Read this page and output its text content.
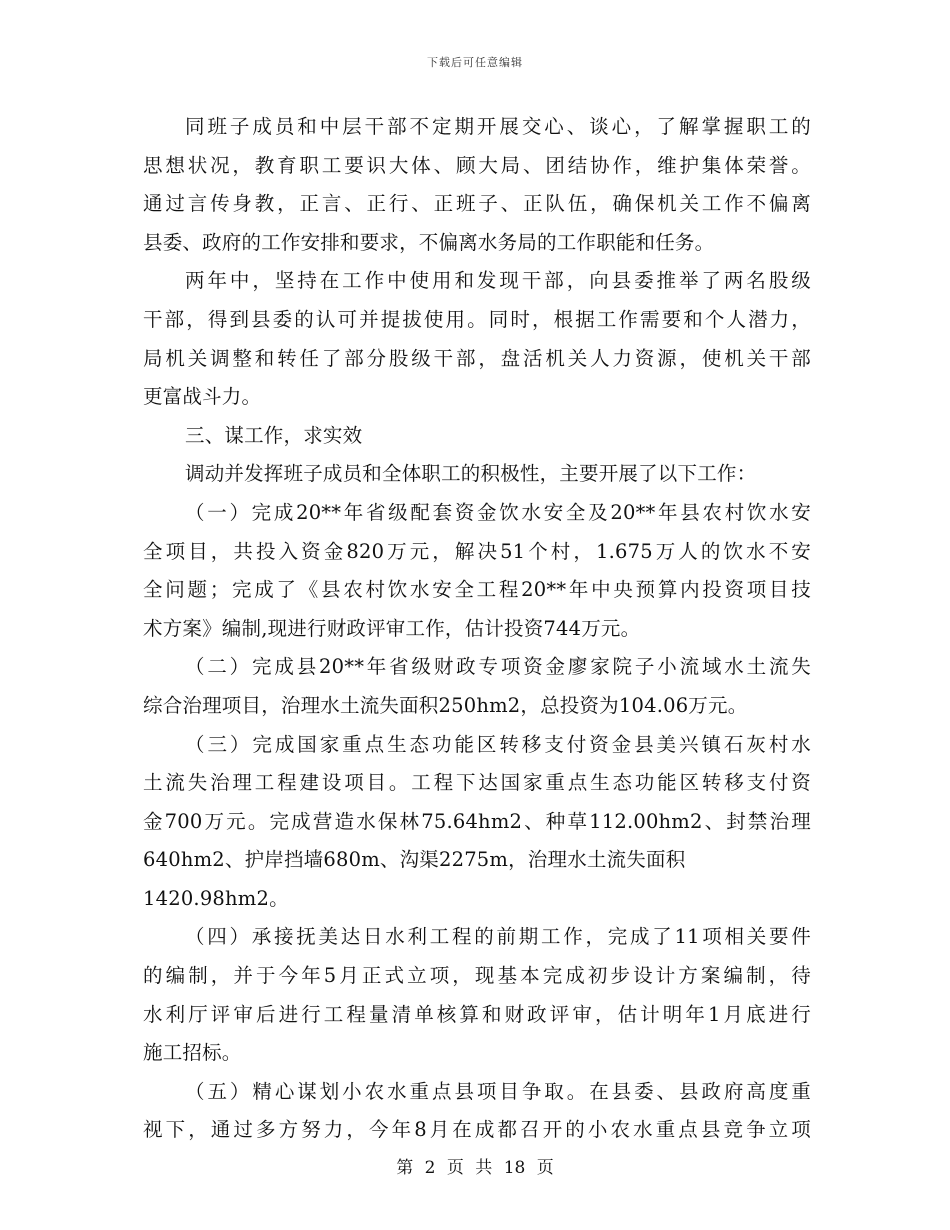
下载后可任意编辑
同班子成员和中层干部不定期开展交心、谈心，了解掌握职工的
思想状况，教育职工要识大体、顾大局、团结协作，维护集体荣誉。
通过言传身教，正言、正行、正班子、正队伍，确保机关工作不偏离
县委、政府的工作安排和要求，不偏离水务局的工作职能和任务。
两年中，坚持在工作中使用和发现干部，向县委推举了两名股级
干部，得到县委的认可并提拔使用。同时，根据工作需要和个人潜力，
局机关调整和转任了部分股级干部，盘活机关人力资源，使机关干部
更富战斗力。
三、谋工作，求实效
调动并发挥班子成员和全体职工的积极性，主要开展了以下工作：
（一）完成20**年省级配套资金饮水安全及20**年县农村饮水安
全项目，共投入资金820万元，解决51个村，1.675万人的饮水不安
全问题；完成了《县农村饮水安全工程20**年中央预算内投资项目技
术方案》编制,现进行财政评审工作，估计投资744万元。
（二）完成县20**年省级财政专项资金廖家院子小流域水土流失
综合治理项目，治理水土流失面积250hm2，总投资为104.06万元。
（三）完成国家重点生态功能区转移支付资金县美兴镇石灰村水
土流失治理工程建设项目。工程下达国家重点生态功能区转移支付资
金700万元。完成营造水保林75.64hm2、种草112.00hm2、封禁治理
640hm2、护岸挡墙680m、沟渠2275m，治理水土流失面积
1420.98hm2。
（四）承接抚美达日水利工程的前期工作，完成了11项相关要件
的编制，并于今年5月正式立项，现基本完成初步设计方案编制，待
水利厅评审后进行工程量清单核算和财政评审，估计明年1月底进行
施工招标。
（五）精心谋划小农水重点县项目争取。在县委、县政府高度重
视下，通过多方努力，今年8月在成都召开的小农水重点县竞争立项
第 2 页 共 18 页
